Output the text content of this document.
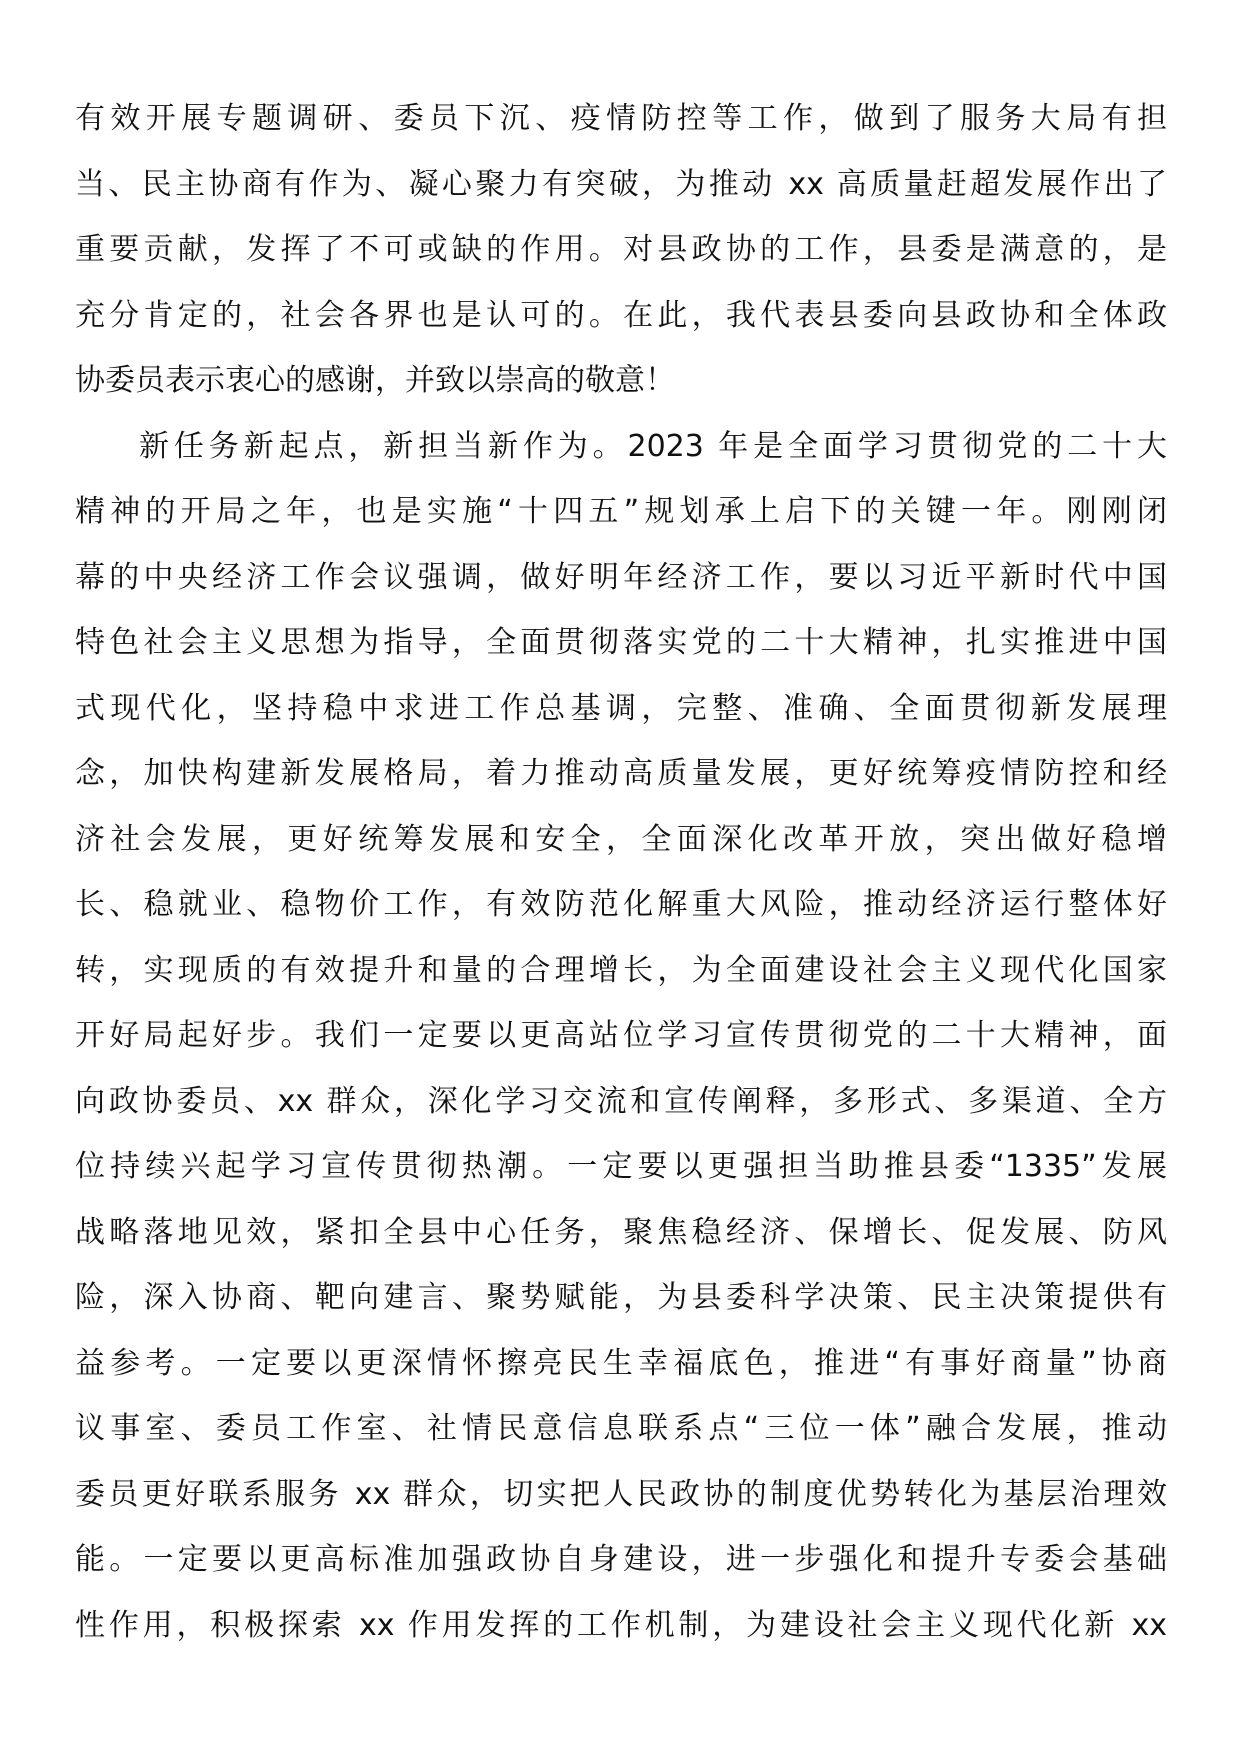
有效开展专题调研、委员下沉、疫情防控等工作，做到了服务大局有担
当、民主协商有作为、凝心聚力有突破，为推动 xx 高质量赶超发展作出了
重要贡献，发挥了不可或缺的作用。对县政协的工作，县委是满意的，是
充分肯定的，社会各界也是认可的。在此，我代表县委向县政协和全体政
协委员表示衷心的感谢，并致以崇高的敬意！
新任务新起点，新担当新作为。2023 年是全面学习贯彻党的二十大
精神的开局之年，也是实施“十四五”规划承上启下的关键一年。刚刚闭
幕的中央经济工作会议强调，做好明年经济工作，要以习近平新时代中国
特色社会主义思想为指导，全面贯彻落实党的二十大精神，扎实推进中国
式现代化，坚持稳中求进工作总基调，完整、准确、全面贯彻新发展理
念，加快构建新发展格局，着力推动高质量发展，更好统筹疫情防控和经
济社会发展，更好统筹发展和安全，全面深化改革开放，突出做好稳增
长、稳就业、稳物价工作，有效防范化解重大风险，推动经济运行整体好
转，实现质的有效提升和量的合理增长，为全面建设社会主义现代化国家
开好局起好步。我们一定要以更高站位学习宣传贯彻党的二十大精神，面
向政协委员、xx 群众，深化学习交流和宣传阐释，多形式、多渠道、全方
位持续兴起学习宣传贯彻热潮。一定要以更强担当助推县委“1335”发展
战略落地见效，紧扣全县中心任务，聚焦稳经济、保增长、促发展、防风
险，深入协商、靶向建言、聚势赋能，为县委科学决策、民主决策提供有
益参考。一定要以更深情怀擦亮民生幸福底色，推进“有事好商量”协商
议事室、委员工作室、社情民意信息联系点“三位一体”融合发展，推动
委员更好联系服务 xx 群众，切实把人民政协的制度优势转化为基层治理效
能。一定要以更高标准加强政协自身建设，进一步强化和提升专委会基础
性作用，积极探索 xx 作用发挥的工作机制，为建设社会主义现代化新 xx
